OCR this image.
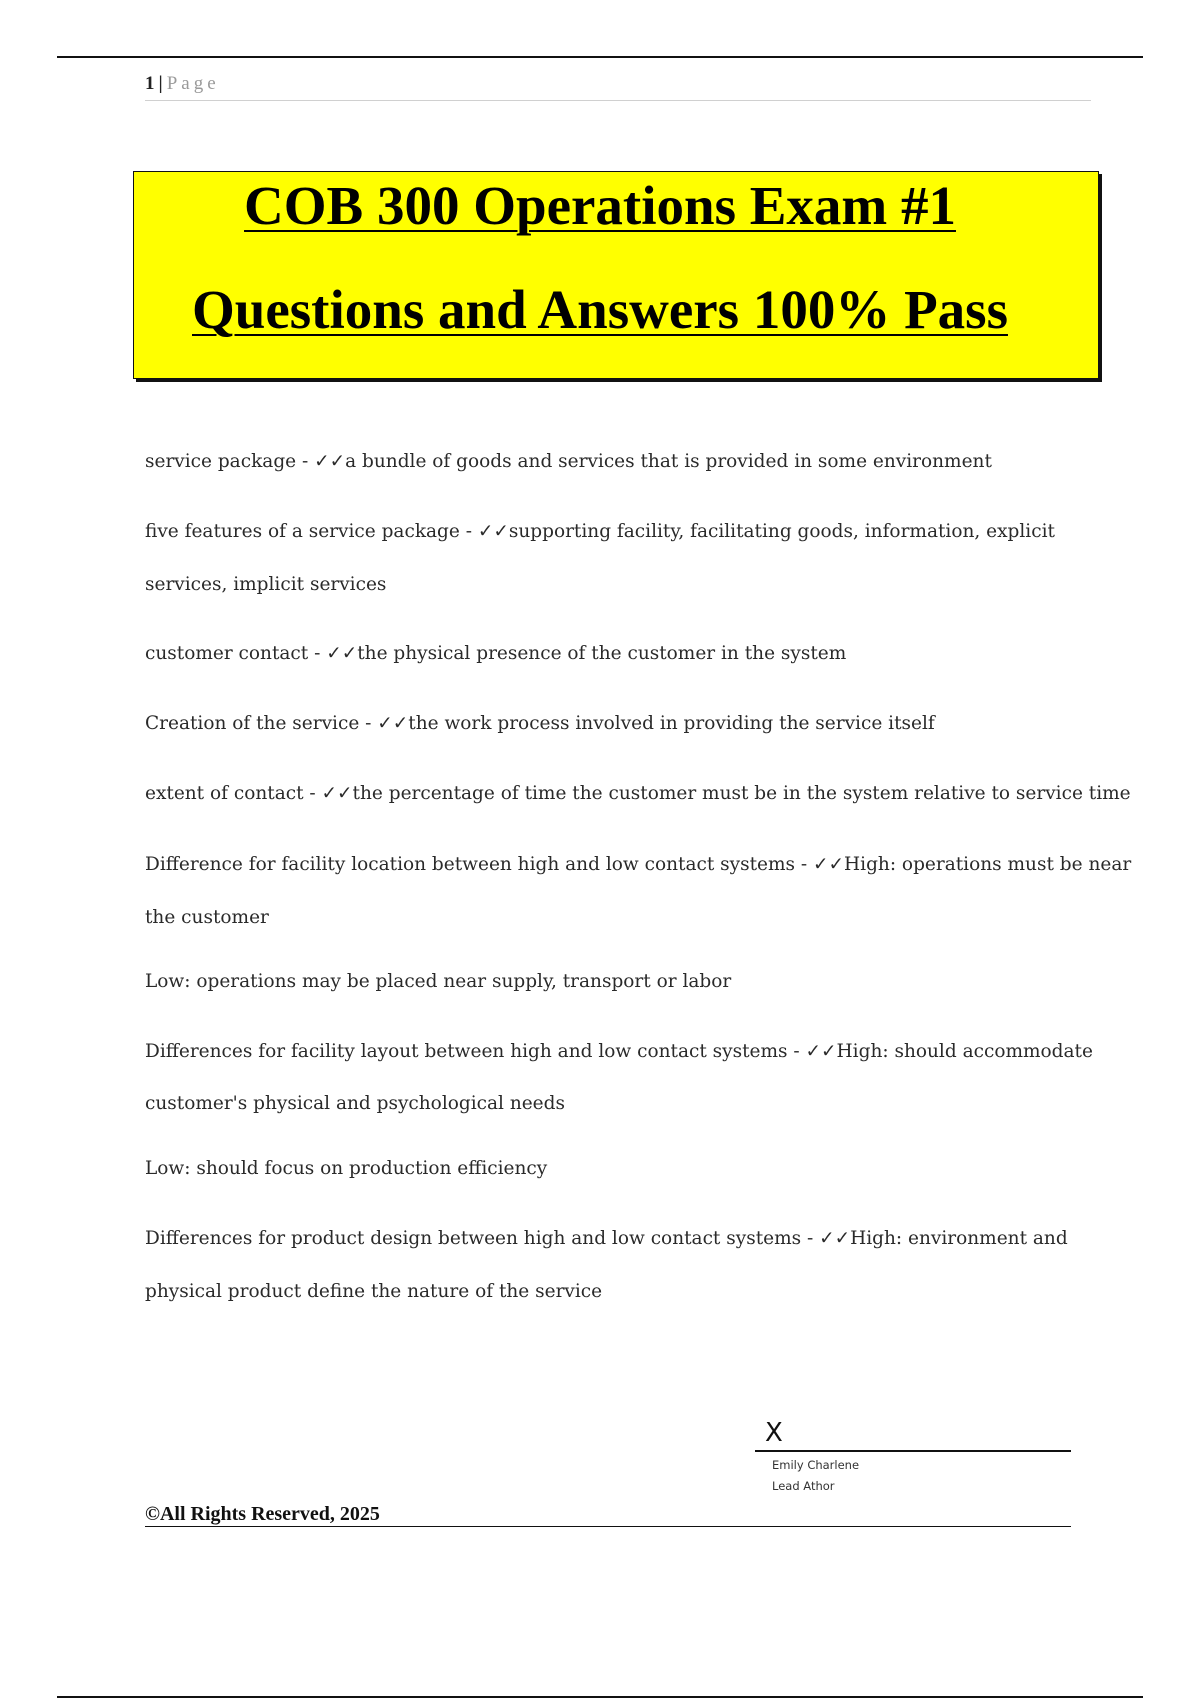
1 | Page
COB 300 Operations Exam #1
Questions and Answers 100% Pass
service package - ✓✓a bundle of goods and services that is provided in some environment
five features of a service package - ✓✓supporting facility, facilitating goods, information, explicit
services, implicit services
customer contact - ✓✓the physical presence of the customer in the system
Creation of the service - ✓✓the work process involved in providing the service itself
extent of contact - ✓✓the percentage of time the customer must be in the system relative to service time
Difference for facility location between high and low contact systems - ✓✓High: operations must be near
the customer
Low: operations may be placed near supply, transport or labor
Differences for facility layout between high and low contact systems - ✓✓High: should accommodate
customer's physical and psychological needs
Low: should focus on production efficiency
Differences for product design between high and low contact systems - ✓✓High: environment and
physical product define the nature of the service
X
Emily Charlene
Lead Athor
©All Rights Reserved, 2025
